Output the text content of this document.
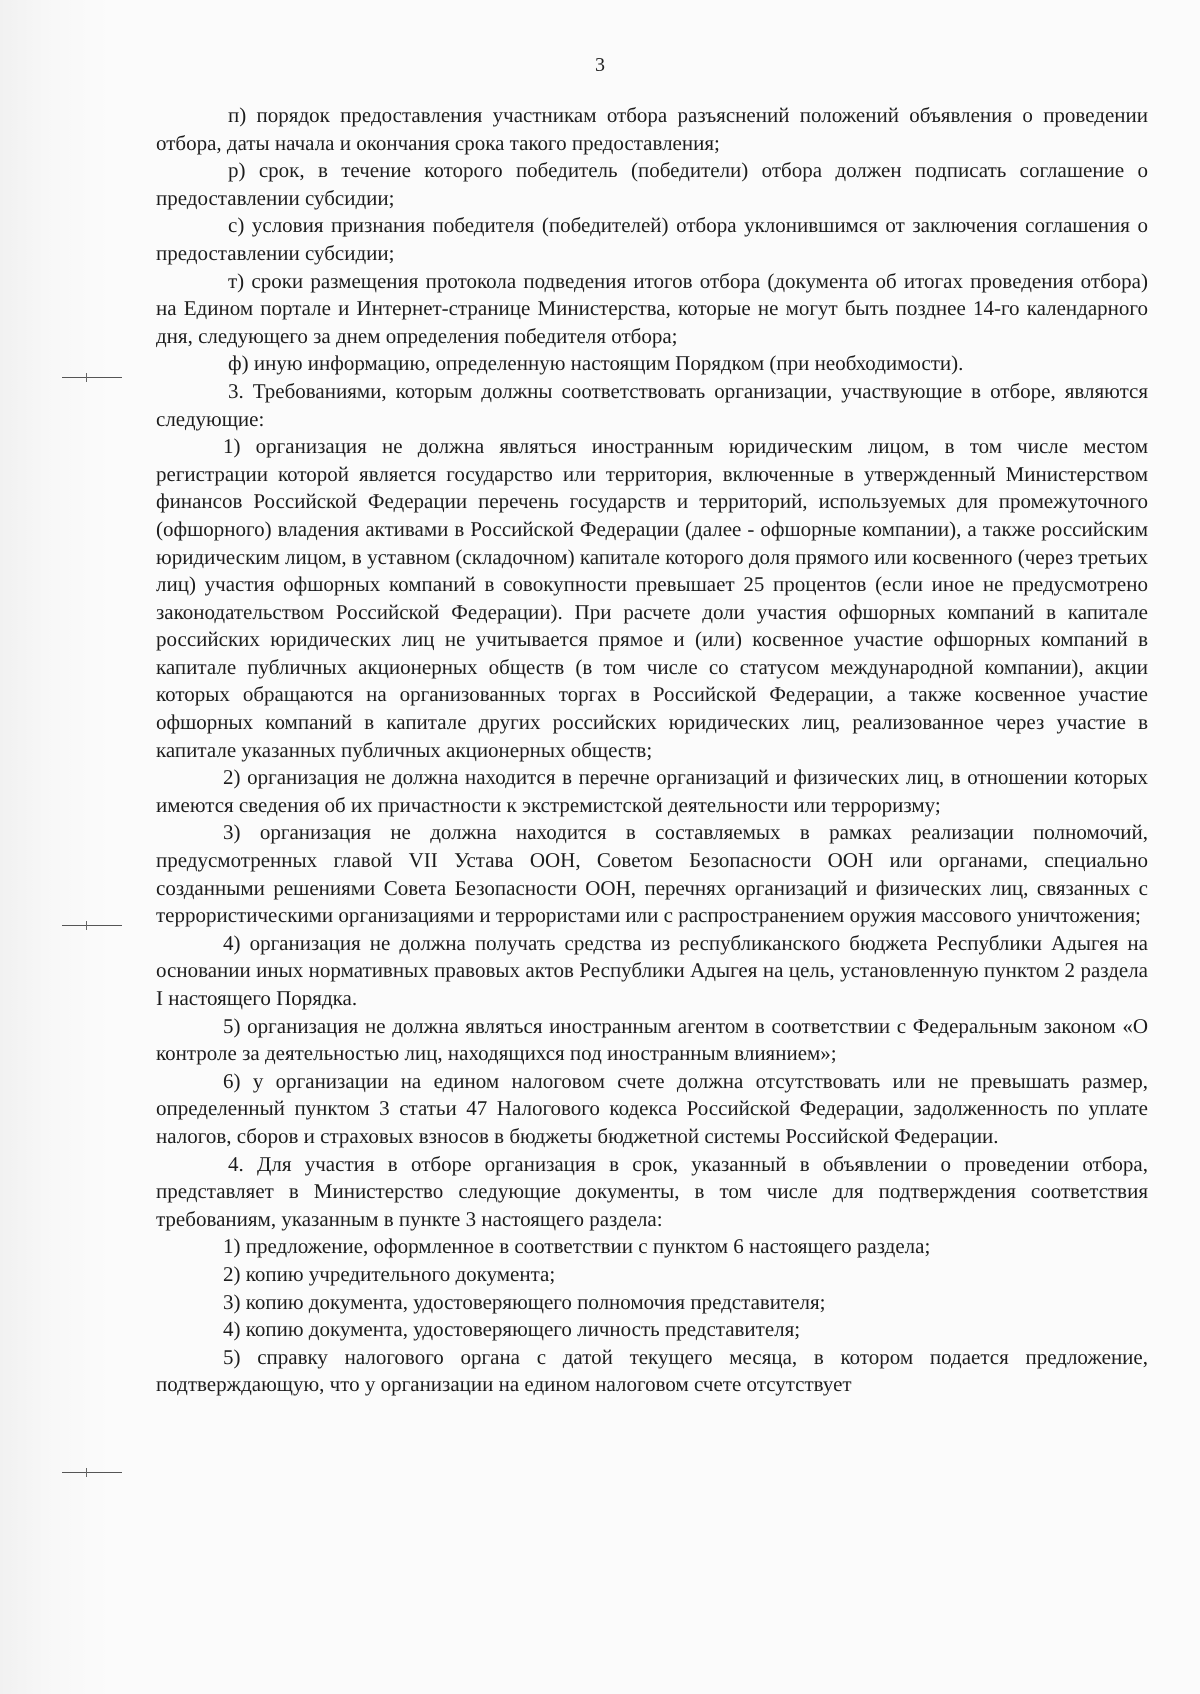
3

п) порядок предоставления участникам отбора разъяснений положений объявления о проведении отбора, даты начала и окончания срока такого предоставления;

р) срок, в течение которого победитель (победители) отбора должен подписать соглашение о предоставлении субсидии;

с) условия признания победителя (победителей) отбора уклонившимся от заключения соглашения о предоставлении субсидии;

т) сроки размещения протокола подведения итогов отбора (документа об итогах проведения отбора) на Едином портале и Интернет-странице Министерства, которые не могут быть позднее 14-го календарного дня, следующего за днем определения победителя отбора;

ф) иную информацию, определенную настоящим Порядком (при необходимости).

3. Требованиями, которым должны соответствовать организации, участвующие в отборе, являются следующие:

1) организация не должна являться иностранным юридическим лицом, в том числе местом регистрации которой является государство или территория, включенные в утвержденный Министерством финансов Российской Федерации перечень государств и территорий, используемых для промежуточного (офшорного) владения активами в Российской Федерации (далее - офшорные компании), а также российским юридическим лицом, в уставном (складочном) капитале которого доля прямого или косвенного (через третьих лиц) участия офшорных компаний в совокупности превышает 25 процентов (если иное не предусмотрено законодательством Российской Федерации). При расчете доли участия офшорных компаний в капитале российских юридических лиц не учитывается прямое и (или) косвенное участие офшорных компаний в капитале публичных акционерных обществ (в том числе со статусом международной компании), акции которых обращаются на организованных торгах в Российской Федерации, а также косвенное участие офшорных компаний в капитале других российских юридических лиц, реализованное через участие в капитале указанных публичных акционерных обществ;

2) организация не должна находится в перечне организаций и физических лиц, в отношении которых имеются сведения об их причастности к экстремистской деятельности или терроризму;

3) организация не должна находится в составляемых в рамках реализации полномочий, предусмотренных главой VII Устава ООН, Советом Безопасности ООН или органами, специально созданными решениями Совета Безопасности ООН, перечнях организаций и физических лиц, связанных с террористическими организациями и террористами или с распространением оружия массового уничтожения;

4) организация не должна получать средства из республиканского бюджета Республики Адыгея на основании иных нормативных правовых актов Республики Адыгея на цель, установленную пунктом 2 раздела I настоящего Порядка.

5) организация не должна являться иностранным агентом в соответствии с Федеральным законом «О контроле за деятельностью лиц, находящихся под иностранным влиянием»;

6) у организации на едином налоговом счете должна отсутствовать или не превышать размер, определенный пунктом 3 статьи 47 Налогового кодекса Российской Федерации, задолженность по уплате налогов, сборов и страховых взносов в бюджеты бюджетной системы Российской Федерации.

4. Для участия в отборе организация в срок, указанный в объявлении о проведении отбора, представляет в Министерство следующие документы, в том числе для подтверждения соответствия требованиям, указанным в пункте 3 настоящего раздела:

1) предложение, оформленное в соответствии с пунктом 6 настоящего раздела;

2) копию учредительного документа;

3) копию документа, удостоверяющего полномочия представителя;

4) копию документа, удостоверяющего личность представителя;

5) справку налогового органа с датой текущего месяца, в котором подается предложение, подтверждающую, что у организации на едином налоговом счете отсутствует
